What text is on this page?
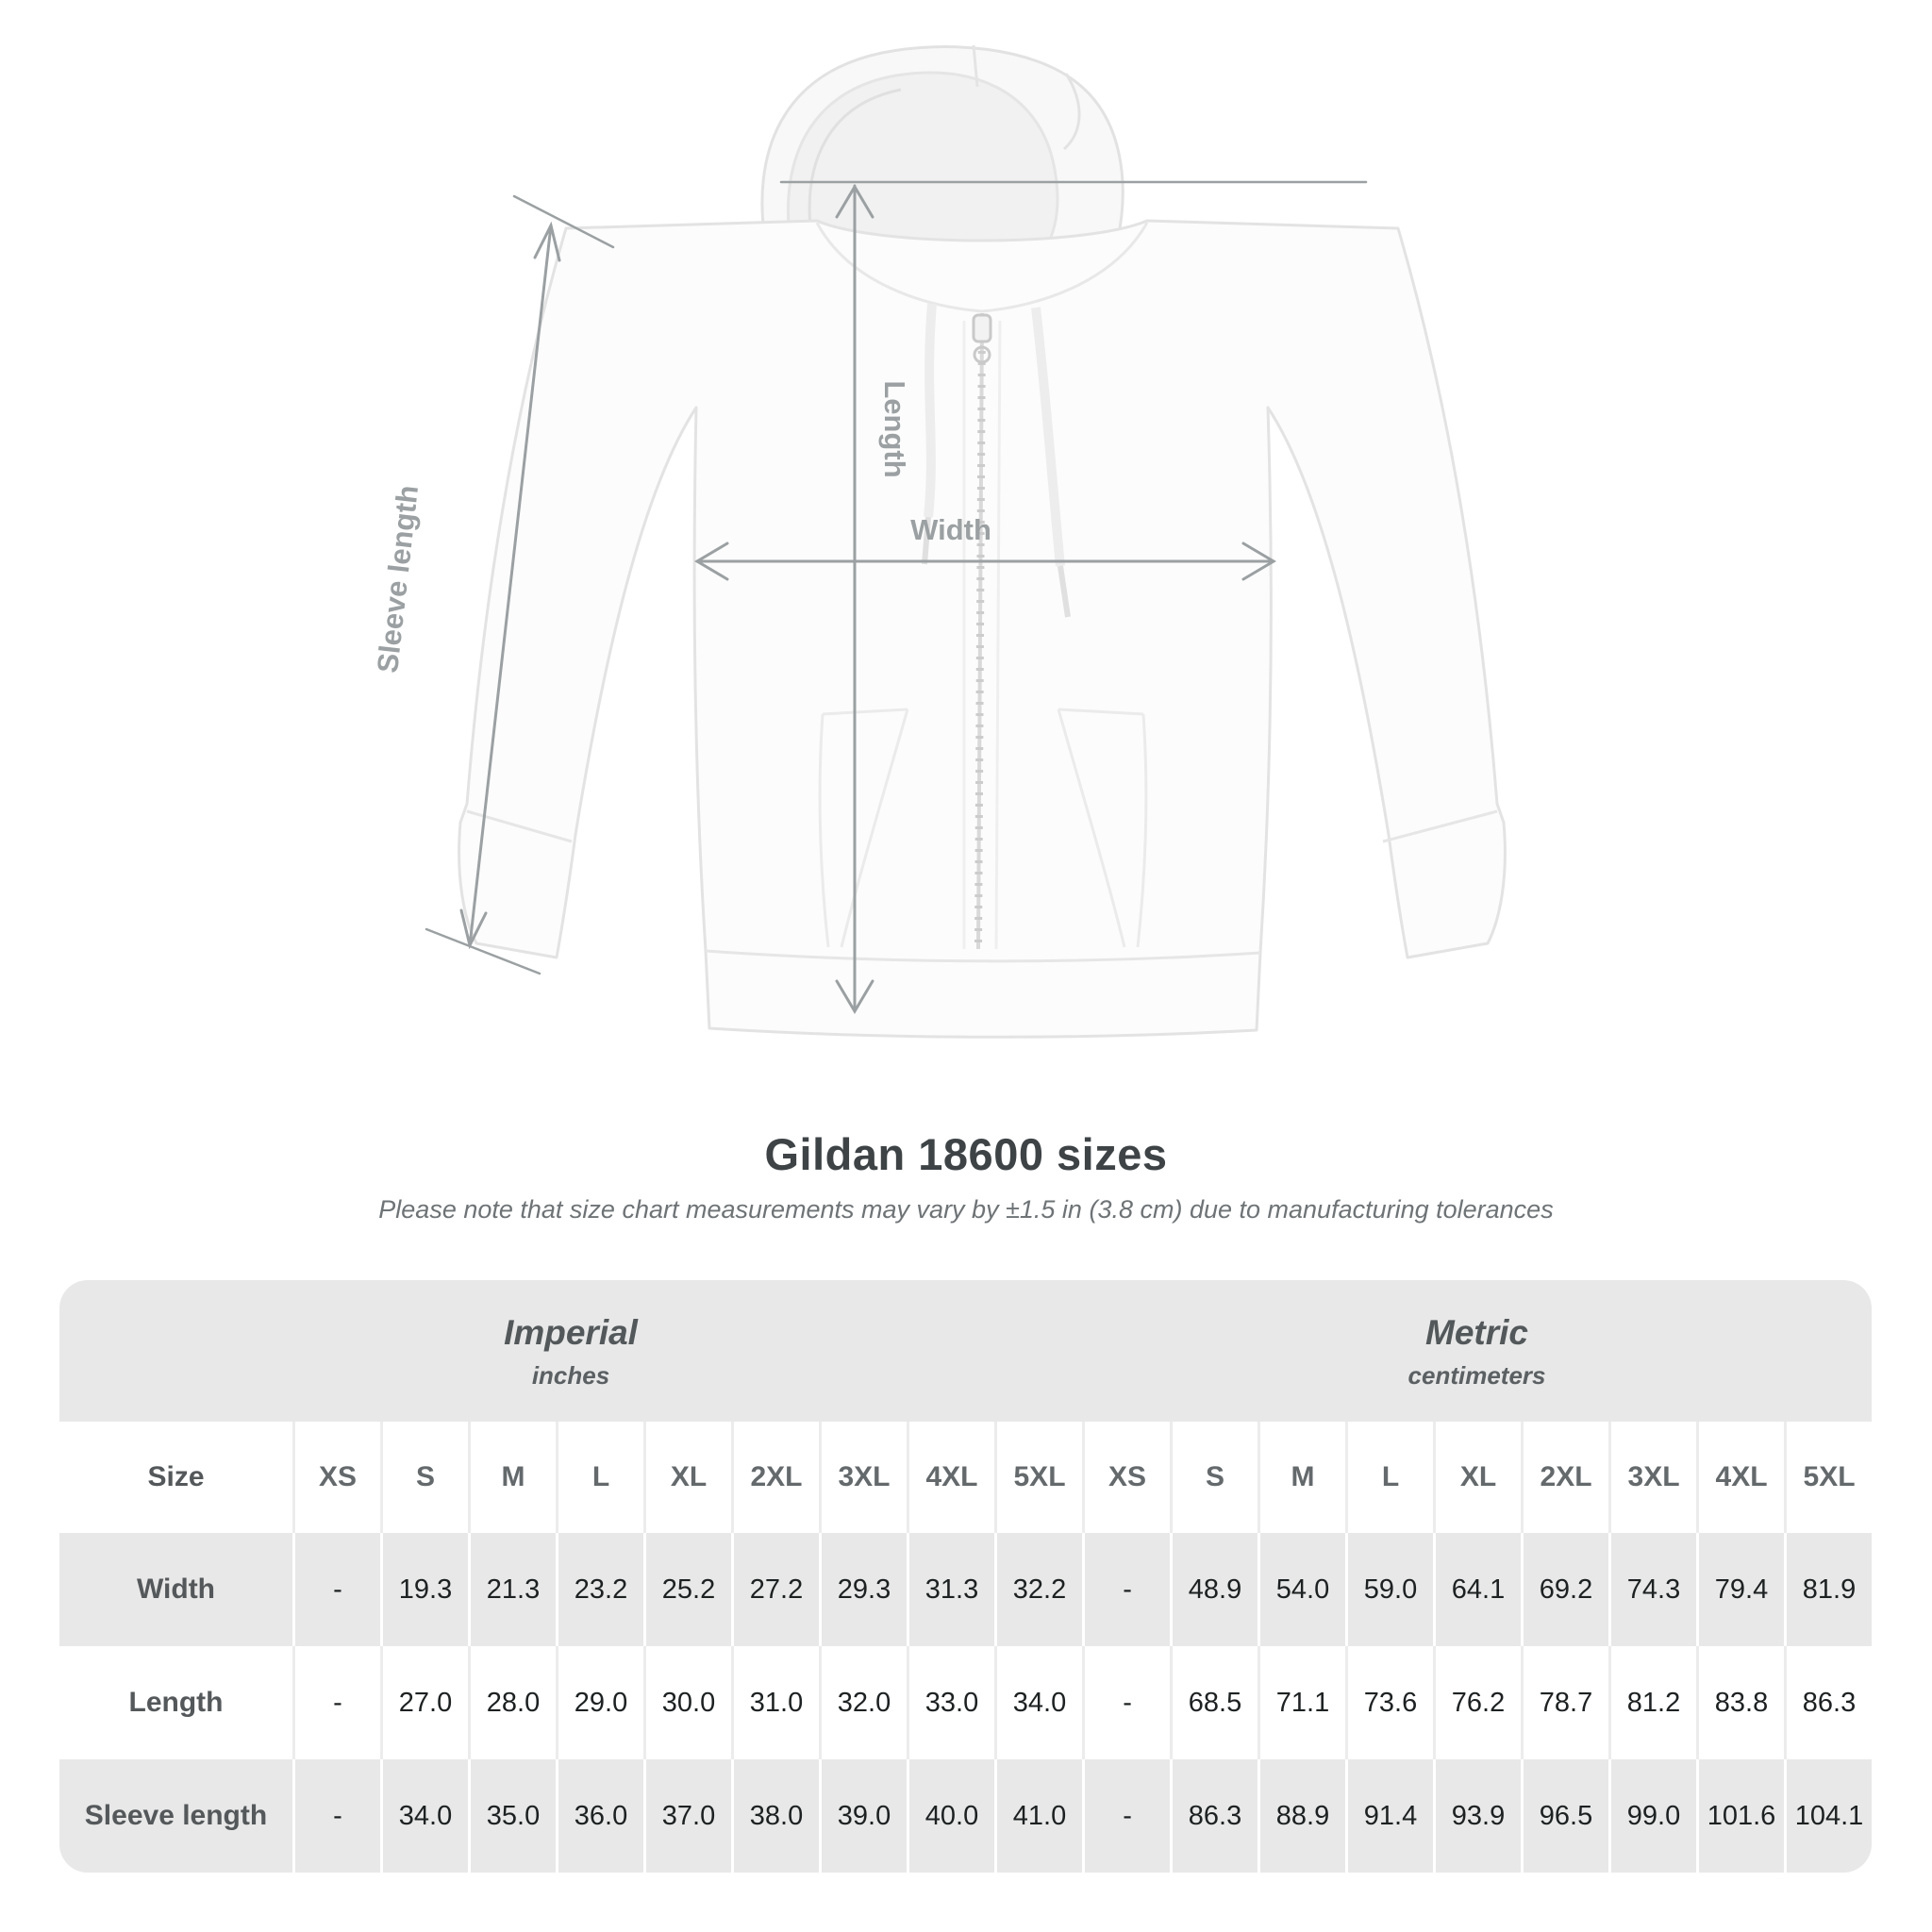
Length
Width
Sleeve length
Gildan 18600 sizes
Please note that size chart measurements may vary by ±1.5 in (3.8 cm) due to manufacturing tolerances
Imperial
inches

Metric
centimeters

Size	XS	S	M	L	XL	2XL	3XL	4XL	5XL	XS	S	M	L	XL	2XL	3XL	4XL	5XL
Width	-	19.3	21.3	23.2	25.2	27.2	29.3	31.3	32.2	-	48.9	54.0	59.0	64.1	69.2	74.3	79.4	81.9
Length	-	27.0	28.0	29.0	30.0	31.0	32.0	33.0	34.0	-	68.5	71.1	73.6	76.2	78.7	81.2	83.8	86.3
Sleeve length	-	34.0	35.0	36.0	37.0	38.0	39.0	40.0	41.0	-	86.3	88.9	91.4	93.9	96.5	99.0	101.6	104.1
